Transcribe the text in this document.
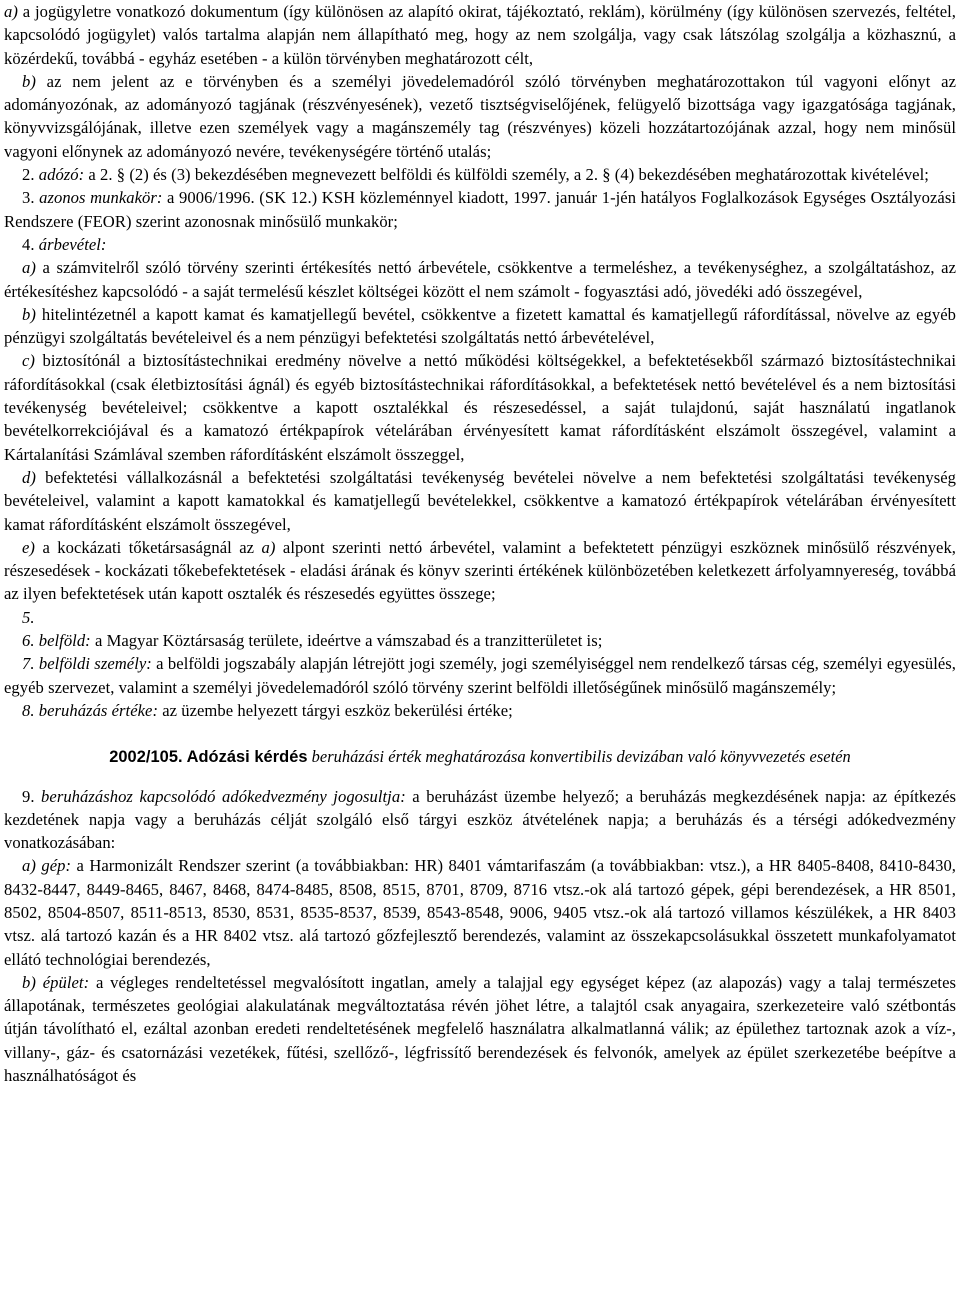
a) a jogügyletre vonatkozó dokumentum (így különösen az alapító okirat, tájékoztató, reklám), körülmény (így különösen szervezés, feltétel, kapcsolódó jogügylet) valós tartalma alapján nem állapítható meg, hogy az nem szolgálja, vagy csak látszólag szolgálja a közhasznú, a közérdekű, továbbá - egyház esetében - a külön törvényben meghatározott célt,

b) az nem jelent az e törvényben és a személyi jövedelemadóról szóló törvényben meghatározottakon túl vagyoni előnyt az adományozónak, az adományozó tagjának (részvényesének), vezető tisztségviselőjének, felügyelő bizottsága vagy igazgatósága tagjának, könyvvizsgálójának, illetve ezen személyek vagy a magánszemély tag (részvényes) közeli hozzátartozójának azzal, hogy nem minősül vagyoni előnynek az adományozó nevére, tevékenységére történő utalás;

2. adózó: a 2. § (2) és (3) bekezdésében megnevezett belföldi és külföldi személy, a 2. § (4) bekezdésében meghatározottak kivételével;

3. azonos munkakör: a 9006/1996. (SK 12.) KSH közleménnyel kiadott, 1997. január 1-jén hatályos Foglalkozások Egységes Osztályozási Rendszere (FEOR) szerint azonosnak minősülő munkakör;

4. árbevétel:

a) a számvitelről szóló törvény szerinti értékesítés nettó árbevétele, csökkentve a termeléshez, a tevékenységhez, a szolgáltatáshoz, az értékesítéshez kapcsolódó - a saját termelésű készlet költségei között el nem számolt - fogyasztási adó, jövedéki adó összegével,

b) hitelintézetnél a kapott kamat és kamatjellegű bevétel, csökkentve a fizetett kamattal és kamatjellegű ráfordítással, növelve az egyéb pénzügyi szolgáltatás bevételeivel és a nem pénzügyi befektetési szolgáltatás nettó árbevételével,

c) biztosítónál a biztosítástechnikai eredmény növelve a nettó működési költségekkel, a befektetésekből származó biztosítástechnikai ráfordításokkal (csak életbiztosítási ágnál) és egyéb biztosítástechnikai ráfordításokkal, a befektetések nettó bevételével és a nem biztosítási tevékenység bevételeivel; csökkentve a kapott osztalékkal és részesedéssel, a saját tulajdonú, saját használatú ingatlanok bevételkorrekciójával és a kamatozó értékpapírok vételárában érvényesített kamat ráfordításként elszámolt összegével, valamint a Kártalanítási Számlával szemben ráfordításként elszámolt összeggel,

d) befektetési vállalkozásnál a befektetési szolgáltatási tevékenység bevételei növelve a nem befektetési szolgáltatási tevékenység bevételeivel, valamint a kapott kamatokkal és kamatjellegű bevételekkel, csökkentve a kamatozó értékpapírok vételárában érvényesített kamat ráfordításként elszámolt összegével,

e) a kockázati tőketársaságnál az a) alpont szerinti nettó árbevétel, valamint a befektetett pénzügyi eszköznek minősülő részvények, részesedések - kockázati tőkebefektetések - eladási árának és könyv szerinti értékének különbözetében keletkezett árfolyamnyereség, továbbá az ilyen befektetések után kapott osztalék és részesedés együttes összege;

5.

6. belföld: a Magyar Köztársaság területe, ideértve a vámszabad és a tranzitterületet is;

7. belföldi személy: a belföldi jogszabály alapján létrejött jogi személy, jogi személyiséggel nem rendelkező társas cég, személyi egyesülés, egyéb szervezet, valamint a személyi jövedelemadóról szóló törvény szerint belföldi illetőségűnek minősülő magánszemély;

8. beruházás értéke: az üzembe helyezett tárgyi eszköz bekerülési értéke;

2002/105. Adózási kérdés beruházási érték meghatározása konvertibilis devizában való könyvvezetés esetén

9. beruházáshoz kapcsolódó adókedvezmény jogosultja: a beruházást üzembe helyező; a beruházás megkezdésének napja: az építkezés kezdetének napja vagy a beruházás célját szolgáló első tárgyi eszköz átvételének napja; a beruházás és a térségi adókedvezmény vonatkozásában:

a) gép: a Harmonizált Rendszer szerint (a továbbiakban: HR) 8401 vámtarifaszám (a továbbiakban: vtsz.), a HR 8405-8408, 8410-8430, 8432-8447, 8449-8465, 8467, 8468, 8474-8485, 8508, 8515, 8701, 8709, 8716 vtsz.-ok alá tartozó gépek, gépi berendezések, a HR 8501, 8502, 8504-8507, 8511-8513, 8530, 8531, 8535-8537, 8539, 8543-8548, 9006, 9405 vtsz.-ok alá tartozó villamos készülékek, a HR 8403 vtsz. alá tartozó kazán és a HR 8402 vtsz. alá tartozó gőzfejlesztő berendezés, valamint az összekapcsolásukkal összetett munkafolyamatot ellátó technológiai berendezés,

b) épület: a végleges rendeltetéssel megvalósított ingatlan, amely a talajjal egy egységet képez (az alapozás) vagy a talaj természetes állapotának, természetes geológiai alakulatának megváltoztatása révén jöhet létre, a talajtól csak anyagaira, szerkezeteire való szétbontás útján távolítható el, ezáltal azonban eredeti rendeltetésének megfelelő használatra alkalmatlanná válik; az épülethez tartoznak azok a víz-, villany-, gáz- és csatornázási vezetékek, fűtési, szellőző-, légfrissítő berendezések és felvonók, amelyek az épület szerkezetébe beépítve a használhatóságot és
